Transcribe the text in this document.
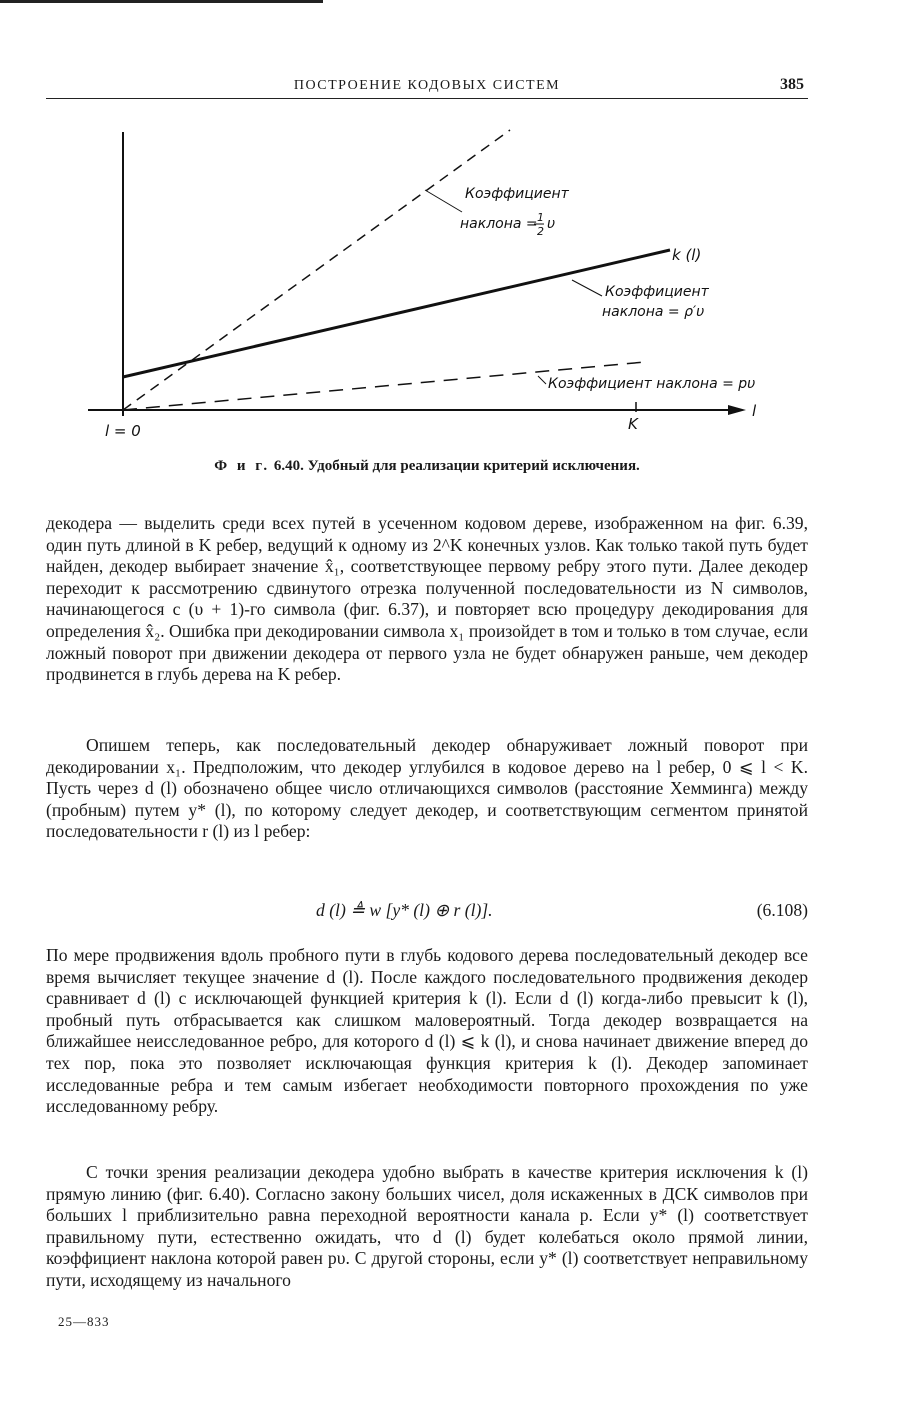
ПОСТРОЕНИЕ КОДОВЫХ СИСТЕМ	385
l
l = 0	K
Коэффициент
наклона = 1
2 υ
k (l)
Коэффициент
наклона = ρ′υ
Коэффициент наклона = pυ
Ф и г. 6.40. Удобный для реализации критерий исключения.

декодера — выделить среди всех путей в усеченном кодовом дереве, изображенном на фиг. 6.39, один путь длиной в K ребер, ведущий к одному из 2^K конечных узлов. Как только такой путь будет найден, декодер выбирает значение x̂₁, соответствующее первому ребру этого пути. Далее декодер переходит к рассмотрению сдвинутого отрезка полученной последовательности из N символов, начинающегося с (υ + 1)-го символа (фиг. 6.37), и повторяет всю процедуру декодирования для определения x̂₂. Ошибка при декодировании символа x₁ произойдет в том и только в том случае, если ложный поворот при движении декодера от первого узла не будет обнаружен раньше, чем декодер продвинется в глубь дерева на K ребер.

Опишем теперь, как последовательный декодер обнаруживает ложный поворот при декодировании x₁. Предположим, что декодер углубился в кодовое дерево на l ребер, 0 ⩽ l < K. Пусть через d (l) обозначено общее число отличающихся символов (расстояние Хемминга) между (пробным) путем y* (l), по которому следует декодер, и соответствующим сегментом принятой последовательности r (l) из l ребер:

d (l) ≜ w [y* (l) ⊕ r (l)].	(6.108)

По мере продвижения вдоль пробного пути в глубь кодового дерева последовательный декодер все время вычисляет текущее значение d (l). После каждого последовательного продвижения декодер сравнивает d (l) с исключающей функцией критерия k (l). Если d (l) когда-либо превысит k (l), пробный путь отбрасывается как слишком маловероятный. Тогда декодер возвращается на ближайшее неисследованное ребро, для которого d (l) ⩽ k (l), и снова начинает движение вперед до тех пор, пока это позволяет исключающая функция критерия k (l). Декодер запоминает исследованные ребра и тем самым избегает необходимости повторного прохождения по уже исследованному ребру.

С точки зрения реализации декодера удобно выбрать в качестве критерия исключения k (l) прямую линию (фиг. 6.40). Согласно закону больших чисел, доля искаженных в ДСК символов при больших l приблизительно равна переходной вероятности канала p. Если y* (l) соответствует правильному пути, естественно ожидать, что d (l) будет колебаться около прямой линии, коэффициент наклона которой равен pυ. С другой стороны, если y* (l) соответствует неправильному пути, исходящему из начального

25—833
